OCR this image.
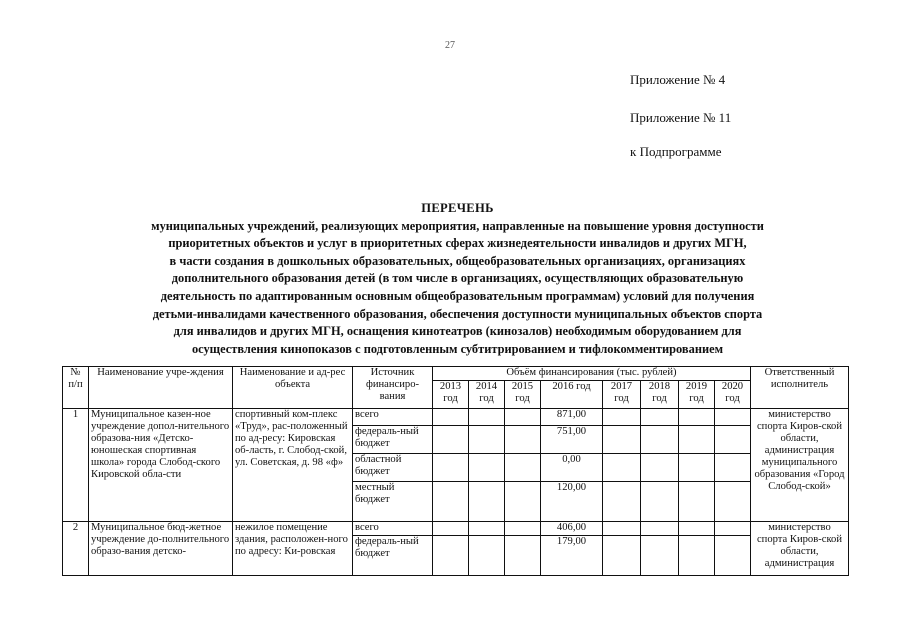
27
Приложение № 4
Приложение № 11
к Подпрограмме
ПЕРЕЧЕНЬ
муниципальных учреждений, реализующих мероприятия, направленные на повышение уровня доступности
приоритетных объектов и услуг в приоритетных сферах жизнедеятельности инвалидов и других МГН,
в части создания в дошкольных образовательных, общеобразовательных организациях, организациях
дополнительного образования детей (в том числе в организациях, осуществляющих образовательную
деятельность по адаптированным основным общеобразовательным программам) условий для получения
детьми-инвалидами качественного образования, обеспечения доступности муниципальных объектов спорта
для инвалидов и других МГН, оснащения кинотеатров (кинозалов) необходимым оборудованием для
осуществления кинопоказов с подготовленным субтитрированием и тифлокомментированием
№ п/п	Наименование учре-ждения	Наименование и ад-рес объекта	Источник финансиро-вания	Объём финансирования (тыс. рублей)								Ответственный исполнитель
				2013 год	2014 год	2015 год	2016 год	2017 год	2018 год	2019 год	2020 год	
1	Муниципальное казен-ное учреждение допол-нительного образова-ния «Детско-юношеская спортивная школа» города Слобод-ского Кировской обла-сти	спортивный ком-плекс «Труд», рас-положенный по ад-ресу: Кировская об-ласть, г. Слобод-ской, ул. Советская, д. 98 «ф»	всего				871,00					министерство спорта Киров-ской области, администрация муниципального образования «Город Слобод-ской»
			федераль-ный бюджет				751,00					
			областной бюджет				0,00					
			местный бюджет				120,00					
2	Муниципальное бюд-жетное учреждение до-полнительного образо-вания детско-	нежилое помещение здания, расположен-ного по адресу: Ки-ровская	всего				406,00					министерство спорта Киров-ской области, администрация
			федераль-ный бюджет				179,00					
